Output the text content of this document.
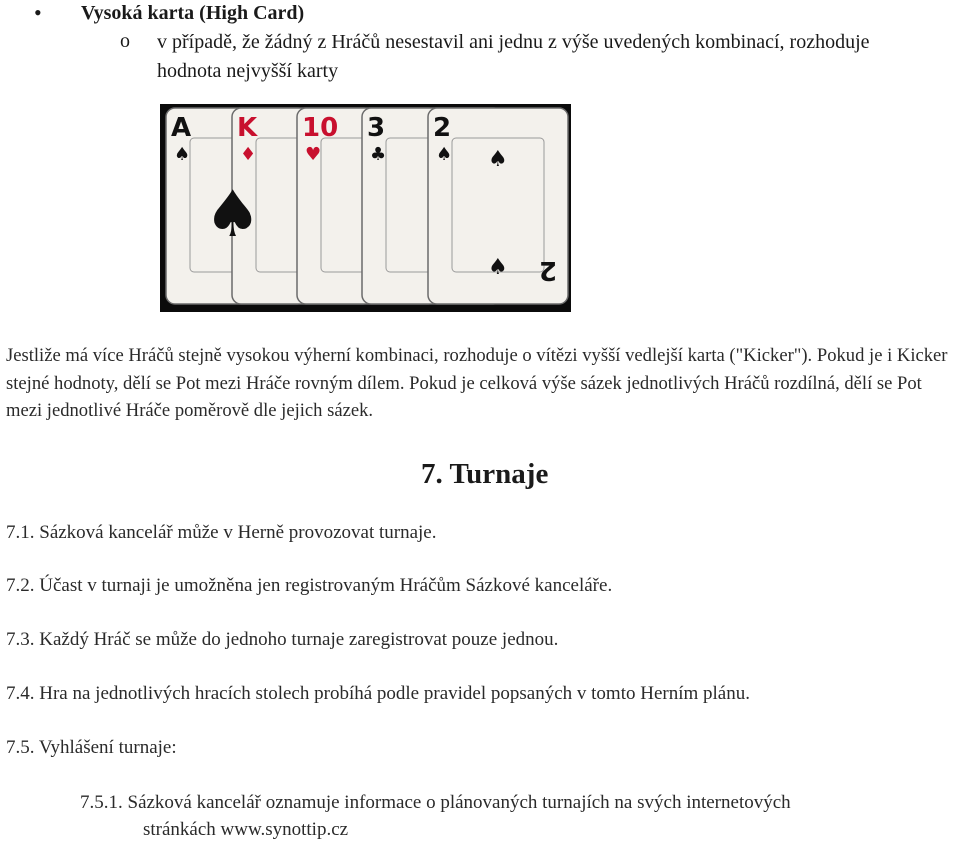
• Vysoká karta (High Card)
o v případě, že žádný z Hráčů nesestavil ani jednu z výše uvedených kombinací, rozhoduje hodnota nejvyšší karty
A
♠
K
♦
10
♥
3
♣
2
♠ ♠
♠ 2
♠
Jestliže má více Hráčů stejně vysokou výherní kombinaci, rozhoduje o vítězi vyšší vedlejší karta ("Kicker"). Pokud je i Kicker stejné hodnoty, dělí se Pot mezi Hráče rovným dílem. Pokud je celková výše sázek jednotlivých Hráčů rozdílná, dělí se Pot mezi jednotlivé Hráče poměrově dle jejich sázek.
7. Turnaje
7.1. Sázková kancelář může v Herně provozovat turnaje.
7.2. Účast v turnaji je umožněna jen registrovaným Hráčům Sázkové kanceláře.
7.3. Každý Hráč se může do jednoho turnaje zaregistrovat pouze jednou.
7.4. Hra na jednotlivých hracích stolech probíhá podle pravidel popsaných v tomto Herním plánu.
7.5. Vyhlášení turnaje:
7.5.1. Sázková kancelář oznamuje informace o plánovaných turnajích na svých internetových
stránkách www.synottip.cz
